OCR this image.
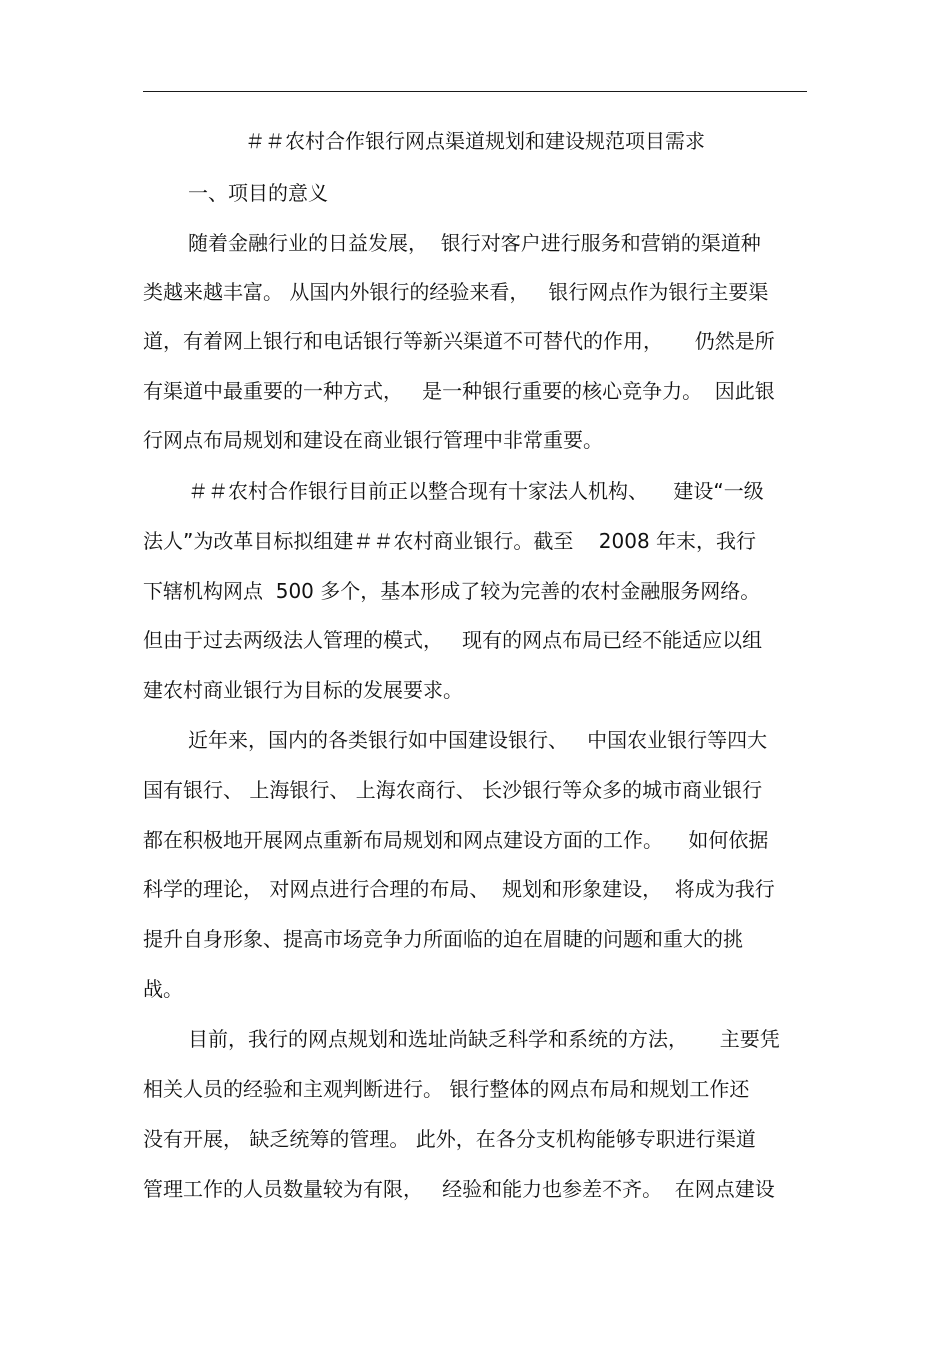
＃＃农村合作银行网点渠道规划和建设规范项目需求
一、项目的意义
随着金融行业的日益发展，  银行对客户进行服务和营销的渠道种
类越来越丰富。 从国内外银行的经验来看，   银行网点作为银行主要渠
道，有着网上银行和电话银行等新兴渠道不可替代的作用，     仍然是所
有渠道中最重要的一种方式，   是一种银行重要的核心竞争力。  因此银
行网点布局规划和建设在商业银行管理中非常重要。
＃＃农村合作银行目前正以整合现有十家法人机构、    建设“一级
法人”为改革目标拟组建＃＃农村商业银行。截至    2008 年末，我行
下辖机构网点  500 多个，基本形成了较为完善的农村金融服务网络。
但由于过去两级法人管理的模式，   现有的网点布局已经不能适应以组
建农村商业银行为目标的发展要求。
近年来，国内的各类银行如中国建设银行、   中国农业银行等四大
国有银行、 上海银行、 上海农商行、 长沙银行等众多的城市商业银行
都在积极地开展网点重新布局规划和网点建设方面的工作。    如何依据
科学的理论， 对网点进行合理的布局、  规划和形象建设，  将成为我行
提升自身形象、提高市场竞争力所面临的迫在眉睫的问题和重大的挑
战。
目前，我行的网点规划和选址尚缺乏科学和系统的方法，     主要凭
相关人员的经验和主观判断进行。 银行整体的网点布局和规划工作还
没有开展， 缺乏统筹的管理。 此外，在各分支机构能够专职进行渠道
管理工作的人员数量较为有限，   经验和能力也参差不齐。  在网点建设
